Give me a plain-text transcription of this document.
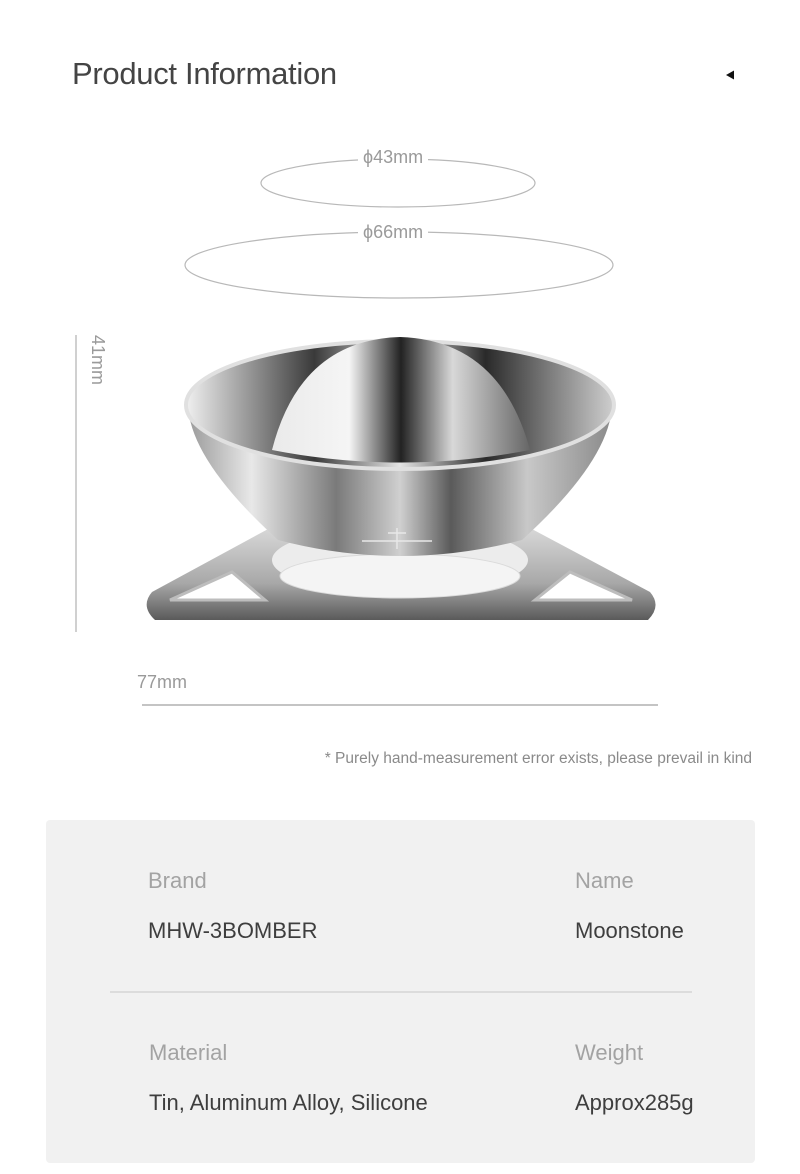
Product Information
ϕ43mm
ϕ66mm
41mm
77mm
* Purely hand-measurement error exists, please prevail in kind
Brand
MHW-3BOMBER
Name
Moonstone
Material
Tin, Aluminum Alloy, Silicone
Weight
Approx285g
